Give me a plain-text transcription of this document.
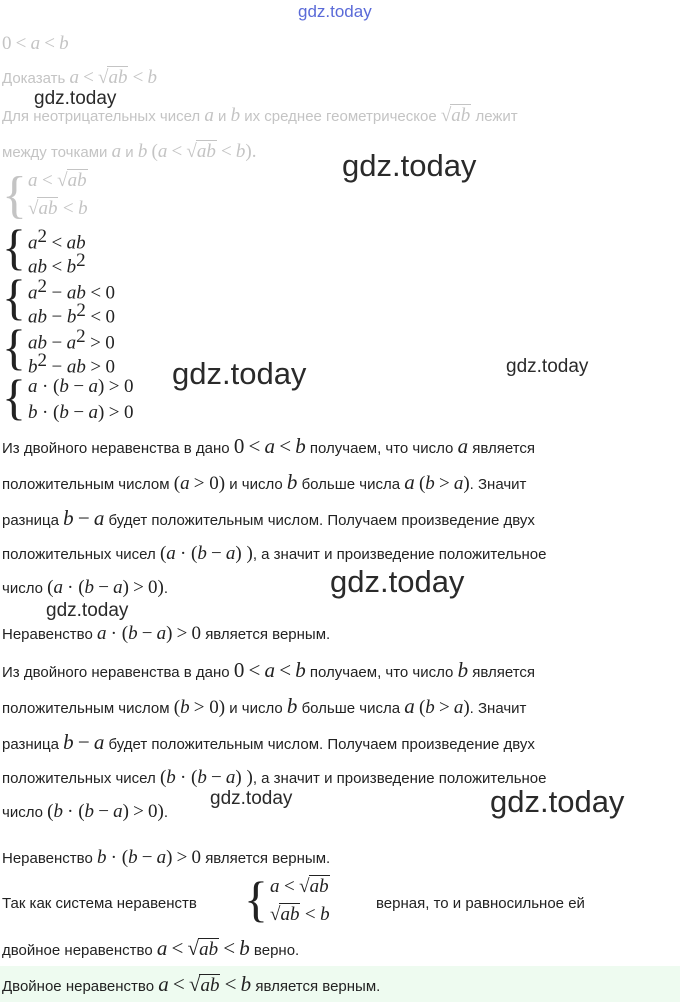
gdz.today
0 < a < b
Доказать a < √ab < b
Для неотрицательных чисел a и b их среднее геометрическое √ab лежит
между точками a и b (a < √ab < b).
{ a < √ab
√ab < b
{ $a^2$ < ab
ab < $b^2$
{ $a^2$ − ab < 0
ab − $b^2 < 0$
{ ab − $a^2 > 0$
$b^2$ − ab > 0
{ a · (b − a) > 0
b · (b − a) > 0
Из двойного неравенства в дано 0 < a < b получаем, что число a является
положительным числом (a > 0) и число b больше числа a (b > a). Значит
разница b − a будет положительным числом. Получаем произведение двух
положительных чисел (a · (b − a) ), а значит и произведение положительное
число (a · (b − a) > 0).
Неравенство a · (b − a) > 0 является верным.
Из двойного неравенства в дано 0 < a < b получаем, что число b является
положительным числом (b > 0) и число b больше числа a (b > a). Значит
разница b − a будет положительным числом. Получаем произведение двух
положительных чисел (b · (b − a) ), а значит и произведение положительное
число (b · (b − a) > 0).
Неравенство b · (b − a) > 0 является верным.
Так как система неравенств { a < √ab
√ab < b
верная, то и равносильное ей
двойное неравенство a < √ab < b верно.
Двойное неравенство a < √ab < b является верным.
gdz.today
gdz.today
gdz.today	gdz.today
gdz.today
gdz.today
gdz.today	gdz.today
